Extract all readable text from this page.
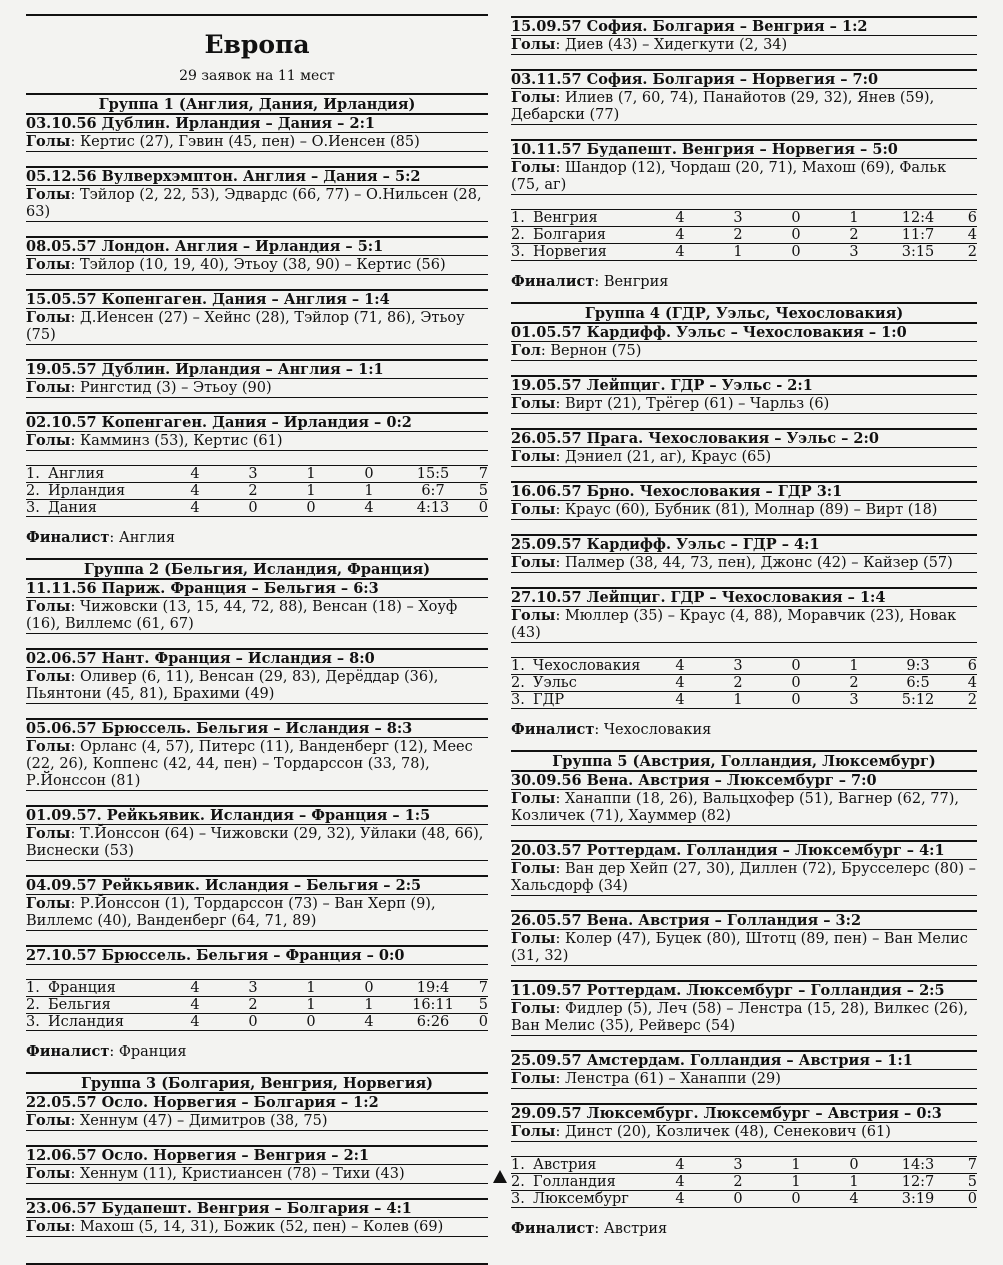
Европа
29 заявок на 11 мест
Группа 1 (Англия, Дания, Ирландия)
03.10.56 Дублин. Ирландия – Дания – 2:1
Голы: Кертис (27), Гэвин (45, пен) – О.Иенсен (85)
05.12.56 Вулверхэмптон. Англия – Дания – 5:2
Голы: Тэйлор (2, 22, 53), Эдвардс (66, 77) – О.Нильсен (28, 63)
08.05.57 Лондон. Англия – Ирландия – 5:1
Голы: Тэйлор (10, 19, 40), Этьоу (38, 90) – Кертис (56)
15.05.57 Копенгаген. Дания – Англия – 1:4
Голы: Д.Иенсен (27) – Хейнс (28), Тэйлор (71, 86), Этьоу (75)
19.05.57 Дублин. Ирландия – Англия – 1:1
Голы: Рингстид (3) – Этьоу (90)
02.10.57 Копенгаген. Дания – Ирландия – 0:2
Голы: Камминз (53), Кертис (61)
1.	Англия	4	3	1	0	15:5	7
2.	Ирландия	4	2	1	1	6:7	5
3.	Дания	4	0	0	4	4:13	0
Финалист: Англия
Группа 2 (Бельгия, Исландия, Франция)
11.11.56 Париж. Франция – Бельгия – 6:3
Голы: Чижовски (13, 15, 44, 72, 88), Венсан (18) – Хоуф (16), Виллемс (61, 67)
02.06.57 Нант. Франция – Исландия – 8:0
Голы: Оливер (6, 11), Венсан (29, 83), Дерёддар (36), Пьянтони (45, 81), Брахими (49)
05.06.57 Брюссель. Бельгия – Исландия – 8:3
Голы: Орланс (4, 57), Питерс (11), Ванденберг (12), Меес (22, 26), Коппенс (42, 44, пен) – Тордарссон (33, 78), Р.Йонссон (81)
01.09.57. Рейкьявик. Исландия – Франция – 1:5
Голы: Т.Йонссон (64) – Чижовски (29, 32), Уйлаки (48, 66), Виснески (53)
04.09.57 Рейкьявик. Исландия – Бельгия – 2:5
Голы: Р.Йонссон (1), Тордарссон (73) – Ван Херп (9), Виллемс (40), Ванденберг (64, 71, 89)
27.10.57 Брюссель. Бельгия – Франция – 0:0
1.	Франция	4	3	1	0	19:4	7
2.	Бельгия	4	2	1	1	16:11	5
3.	Исландия	4	0	0	4	6:26	0
Финалист: Франция
Группа 3 (Болгария, Венгрия, Норвегия)
22.05.57 Осло. Норвегия – Болгария – 1:2
Голы: Хеннум (47) – Димитров (38, 75)
12.06.57 Осло. Норвегия – Венгрия – 2:1
Голы: Хеннум (11), Кристиансен (78) – Тихи (43)
23.06.57 Будапешт. Венгрия – Болгария – 4:1
Голы: Махош (5, 14, 31), Божик (52, пен) – Колев (69)
15.09.57 София. Болгария – Венгрия – 1:2
Голы: Диев (43) – Хидегкути (2, 34)
03.11.57 София. Болгария – Норвегия – 7:0
Голы: Илиев (7, 60, 74), Панайотов (29, 32), Янев (59), Дебарски (77)
10.11.57 Будапешт. Венгрия – Норвегия – 5:0
Голы: Шандор (12), Чордаш (20, 71), Махош (69), Фальк (75, аг)
1.	Венгрия	4	3	0	1	12:4	6
2.	Болгария	4	2	0	2	11:7	4
3.	Норвегия	4	1	0	3	3:15	2
Финалист: Венгрия
Группа 4 (ГДР, Уэльс, Чехословакия)
01.05.57 Кардифф. Уэльс – Чехословакия – 1:0
Гол: Вернон (75)
19.05.57 Лейпциг. ГДР – Уэльс - 2:1
Голы: Вирт (21), Трёгер (61) – Чарльз (6)
26.05.57 Прага. Чехословакия – Уэльс – 2:0
Голы: Дэниел (21, аг), Краус (65)
16.06.57 Брно. Чехословакия – ГДР 3:1
Голы: Краус (60), Бубник (81), Молнар (89) – Вирт (18)
25.09.57 Кардифф. Уэльс – ГДР – 4:1
Голы: Палмер (38, 44, 73, пен), Джонс (42) – Кайзер (57)
27.10.57 Лейпциг. ГДР – Чехословакия – 1:4
Голы: Мюллер (35) – Краус (4, 88), Моравчик (23), Новак (43)
1.	Чехословакия	4	3	0	1	9:3	6
2.	Уэльс	4	2	0	2	6:5	4
3.	ГДР	4	1	0	3	5:12	2
Финалист: Чехословакия
Группа 5 (Австрия, Голландия, Люксембург)
30.09.56 Вена. Австрия – Люксембург – 7:0
Голы: Ханаппи (18, 26), Вальцхофер (51), Вагнер (62, 77), Козличек (71), Хауммер (82)
20.03.57 Роттердам. Голландия – Люксембург – 4:1
Голы: Ван дер Хейп (27, 30), Диллен (72), Брусселерс (80) – Хальсдорф (34)
26.05.57 Вена. Австрия – Голландия – 3:2
Голы: Колер (47), Буцек (80), Штотц (89, пен) – Ван Мелис (31, 32)
11.09.57 Роттердам. Люксембург – Голландия – 2:5
Голы: Фидлер (5), Леч (58) – Ленстра (15, 28), Вилкес (26), Ван Мелис (35), Рейверс (54)
25.09.57 Амстердам. Голландия – Австрия – 1:1
Голы: Ленстра (61) – Ханаппи (29)
29.09.57 Люксембург. Люксембург – Австрия – 0:3
Голы: Динст (20), Козличек (48), Сенекович (61)
1.	Австрия	4	3	1	0	14:3	7
2.	Голландия	4	2	1	1	12:7	5
3.	Люксембург	4	0	0	4	3:19	0
Финалист: Австрия
